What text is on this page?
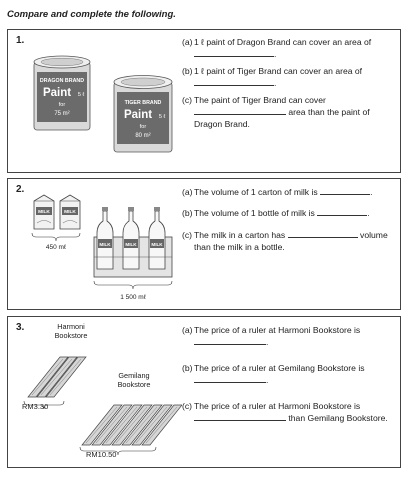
Compare and complete the following.
1.
DRAGON BRAND
Paint 5 ℓ
for
75 m²
TIGER BRAND
Paint 5 ℓ
for
80 m²
(a) 1 ℓ paint of Dragon Brand can cover an area of .
(b) 1 ℓ paint of Tiger Brand can cover an area of .
(c) The paint of Tiger Brand can cover  area than the paint of Dragon Brand.
2.
MILK	MILK
450 mℓ	MILK	MILK	MILK
1 500 mℓ
(a) The volume of 1 carton of milk is	.
(b) The volume of 1 bottle of milk is	.
(c) The milk in a carton has	volume than the milk in a bottle.
3.	Harmoni Bookstore
Gemilang Bookstore
RM3.30
RM10.50
(a) The price of a ruler at Harmoni Bookstore is .
(b) The price of a ruler at Gemilang Bookstore is .
(c) The price of a ruler at Harmoni Bookstore is  than Gemilang Bookstore.
